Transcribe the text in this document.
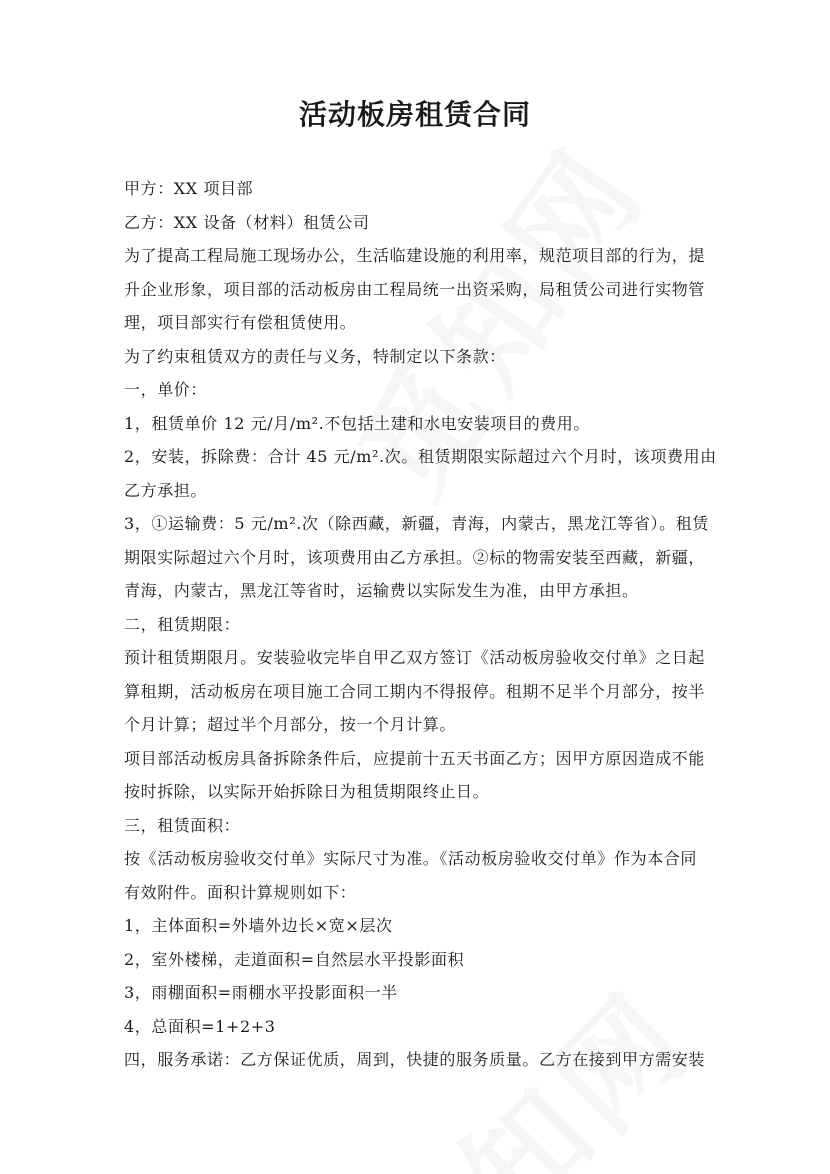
活动板房租赁合同

甲方：XX 项目部

乙方：XX 设备（材料）租赁公司

为了提高工程局施工现场办公，生活临建设施的利用率，规范项目部的行为，提

升企业形象，项目部的活动板房由工程局统一出资采购，局租赁公司进行实物管

理，项目部实行有偿租赁使用。

为了约束租赁双方的责任与义务，特制定以下条款：

一，单价：

1，租赁单价 12 元/月/m².不包括土建和水电安装项目的费用。

2，安装，拆除费：合计 45 元/m².次。租赁期限实际超过六个月时，该项费用由

乙方承担。

3，①运输费：5 元/m².次（除西藏，新疆，青海，内蒙古，黑龙江等省）。租赁

期限实际超过六个月时，该项费用由乙方承担。②标的物需安装至西藏，新疆，

青海，内蒙古，黑龙江等省时，运输费以实际发生为准，由甲方承担。

二，租赁期限：

预计租赁期限月。安装验收完毕自甲乙双方签订《活动板房验收交付单》之日起

算租期，活动板房在项目施工合同工期内不得报停。租期不足半个月部分，按半

个月计算；超过半个月部分，按一个月计算。

项目部活动板房具备拆除条件后，应提前十五天书面乙方；因甲方原因造成不能

按时拆除，以实际开始拆除日为租赁期限终止日。

三，租赁面积：

按《活动板房验收交付单》实际尺寸为准。《活动板房验收交付单》作为本合同

有效附件。面积计算规则如下：

1，主体面积=外墙外边长×宽×层次

2，室外楼梯，走道面积=自然层水平投影面积

3，雨棚面积=雨棚水平投影面积一半

4，总面积=1+2+3

四，服务承诺：乙方保证优质，周到，快捷的服务质量。乙方在接到甲方需安装
